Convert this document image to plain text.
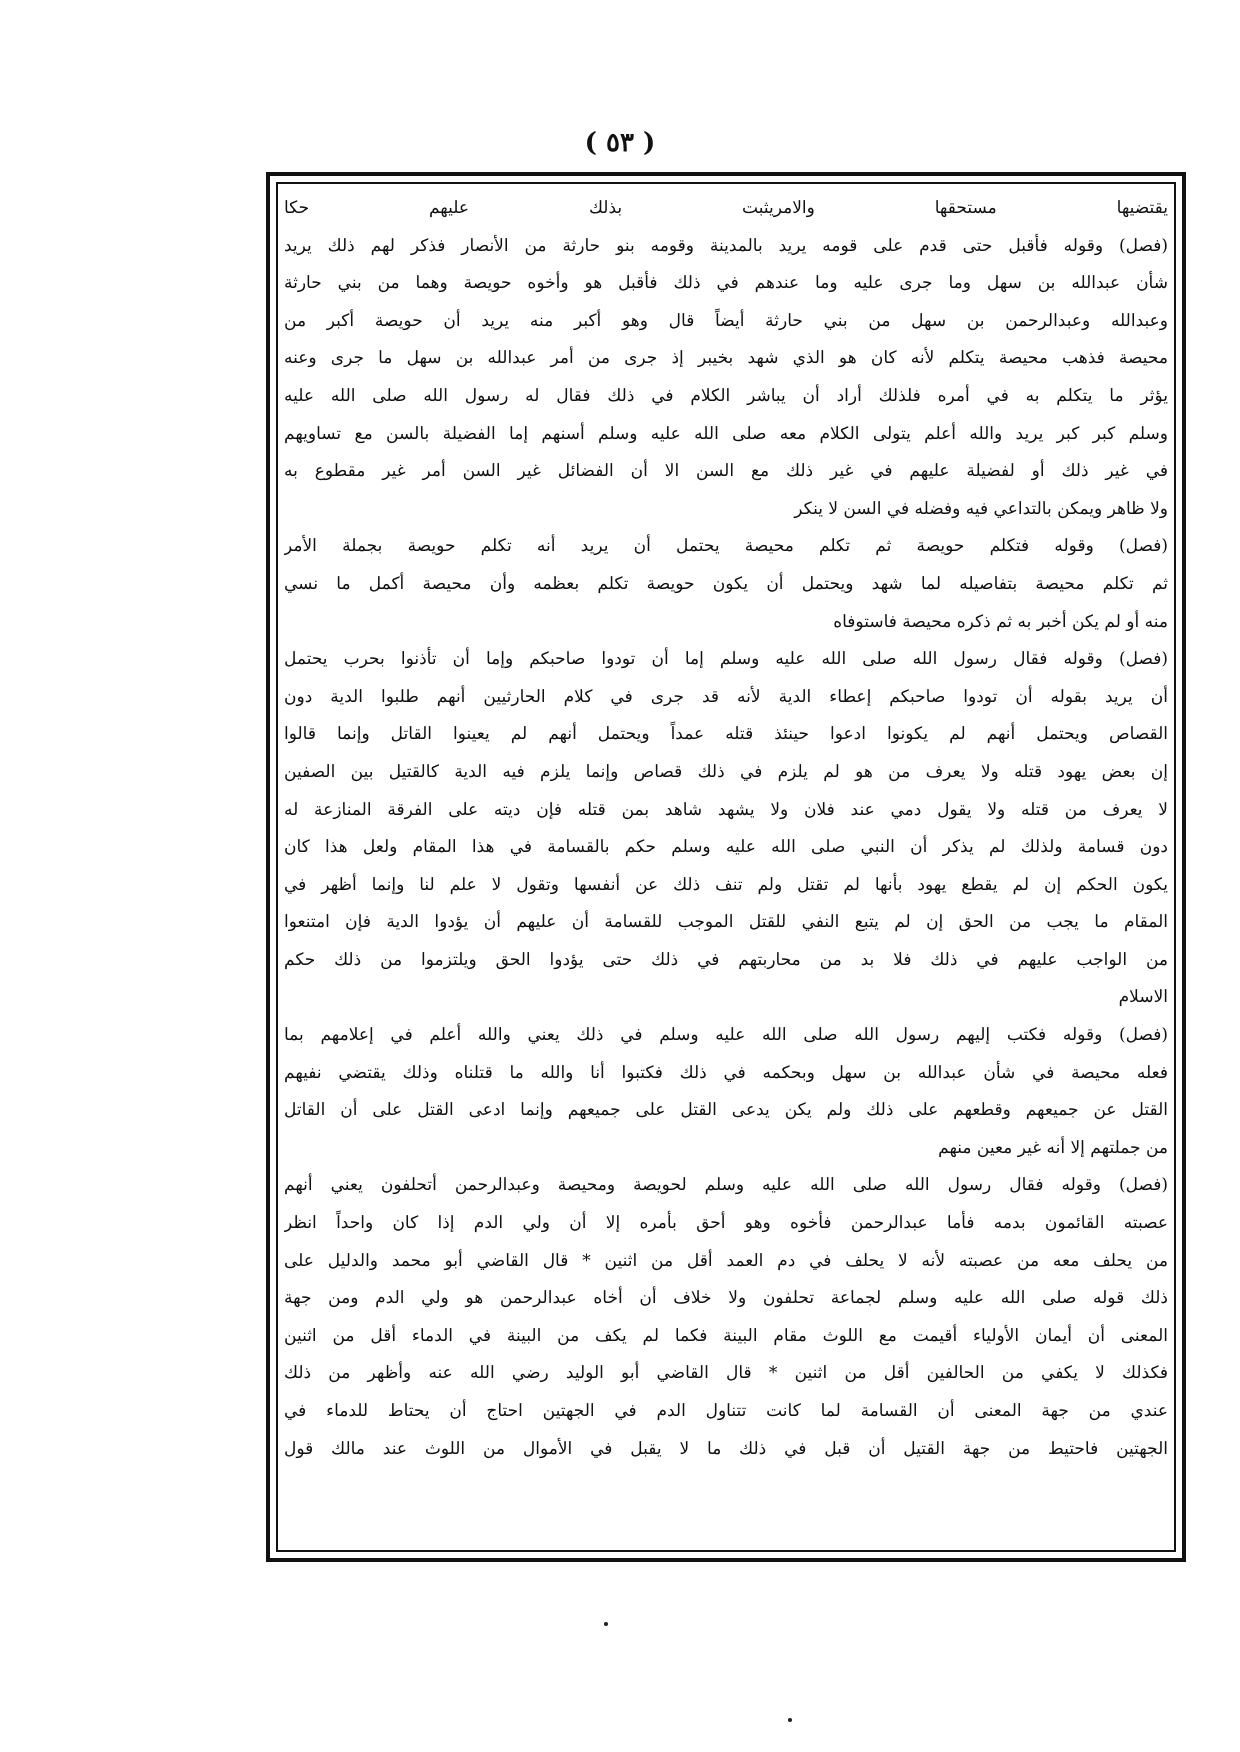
( ٥٣ )
يقتضيها مستحقها والامريثبت بذلك عليهم حكا
(فصل) وقوله فأقبل حتى قدم على قومه يريد بالمدينة وقومه بنو حارثة من الأنصار فذكر لهم ذلك يريد
شأن عبدالله بن سهل وما جرى عليه وما عندهم في ذلك فأقبل هو وأخوه حويصة وهما من بني حارثة
وعبدالله وعبدالرحمن بن سهل من بني حارثة أيضاً قال وهو أكبر منه يريد أن حويصة أكبر من
محيصة فذهب محيصة يتكلم لأنه كان هو الذي شهد بخيبر إذ جرى من أمر عبدالله بن سهل ما جرى وعنه
يؤثر ما يتكلم به في أمره فلذلك أراد أن يباشر الكلام في ذلك فقال له رسول الله صلى الله عليه
وسلم كبر كبر يريد والله أعلم يتولى الكلام معه صلى الله عليه وسلم أسنهم إما الفضيلة بالسن مع تساويهم
في غير ذلك أو لفضيلة عليهم في غير ذلك مع السن الا أن الفضائل غير السن أمر غير مقطوع به
ولا ظاهر ويمكن بالتداعي فيه وفضله في السن لا ينكر
(فصل) وقوله فتكلم حويصة ثم تكلم محيصة يحتمل أن يريد أنه تكلم حويصة بجملة الأمر
ثم تكلم محيصة بتفاصيله لما شهد ويحتمل أن يكون حويصة تكلم بعظمه وأن محيصة أكمل ما نسي
منه أو لم يكن أخبر به ثم ذكره محيصة فاستوفاه
(فصل) وقوله فقال رسول الله صلى الله عليه وسلم إما أن تودوا صاحبكم وإما أن تأذنوا بحرب يحتمل
أن يريد بقوله أن تودوا صاحبكم إعطاء الدية لأنه قد جرى في كلام الحارثيين أنهم طلبوا الدية دون
القصاص ويحتمل أنهم لم يكونوا ادعوا حينئذ قتله عمداً ويحتمل أنهم لم يعينوا القاتل وإنما قالوا
إن بعض يهود قتله ولا يعرف من هو لم يلزم في ذلك قصاص وإنما يلزم فيه الدية كالقتيل بين الصفين
لا يعرف من قتله ولا يقول دمي عند فلان ولا يشهد شاهد بمن قتله فإن ديته على الفرقة المنازعة له
دون قسامة ولذلك لم يذكر أن النبي صلى الله عليه وسلم حكم بالقسامة في هذا المقام ولعل هذا كان
يكون الحكم إن لم يقطع يهود بأنها لم تقتل ولم تنف ذلك عن أنفسها وتقول لا علم لنا وإنما أظهر في
المقام ما يجب من الحق إن لم يتبع النفي للقتل الموجب للقسامة أن عليهم أن يؤدوا الدية فإن امتنعوا
من الواجب عليهم في ذلك فلا بد من محاربتهم في ذلك حتى يؤدوا الحق ويلتزموا من ذلك حكم
الاسلام
(فصل) وقوله فكتب إليهم رسول الله صلى الله عليه وسلم في ذلك يعني والله أعلم في إعلامهم بما
فعله محيصة في شأن عبدالله بن سهل وبحكمه في ذلك فكتبوا أنا والله ما قتلناه وذلك يقتضي نفيهم
القتل عن جميعهم وقطعهم على ذلك ولم يكن يدعى القتل على جميعهم وإنما ادعى القتل على أن القاتل
من جملتهم إلا أنه غير معين منهم
(فصل) وقوله فقال رسول الله صلى الله عليه وسلم لحويصة ومحيصة وعبدالرحمن أتحلفون يعني أنهم
عصبته القائمون بدمه فأما عبدالرحمن فأخوه وهو أحق بأمره إلا أن ولي الدم إذا كان واحداً انظر
من يحلف معه من عصبته لأنه لا يحلف في دم العمد أقل من اثنين * قال القاضي أبو محمد والدليل على
ذلك قوله صلى الله عليه وسلم لجماعة تحلفون ولا خلاف أن أخاه عبدالرحمن هو ولي الدم ومن جهة
المعنى أن أيمان الأولياء أقيمت مع اللوث مقام البينة فكما لم يكف من البينة في الدماء أقل من اثنين
فكذلك لا يكفي من الحالفين أقل من اثنين * قال القاضي أبو الوليد رضي الله عنه وأظهر من ذلك
عندي من جهة المعنى أن القسامة لما كانت تتناول الدم في الجهتين احتاج أن يحتاط للدماء في
الجهتين فاحتيط من جهة القتيل أن قبل في ذلك ما لا يقبل في الأموال من اللوث عند مالك قول
